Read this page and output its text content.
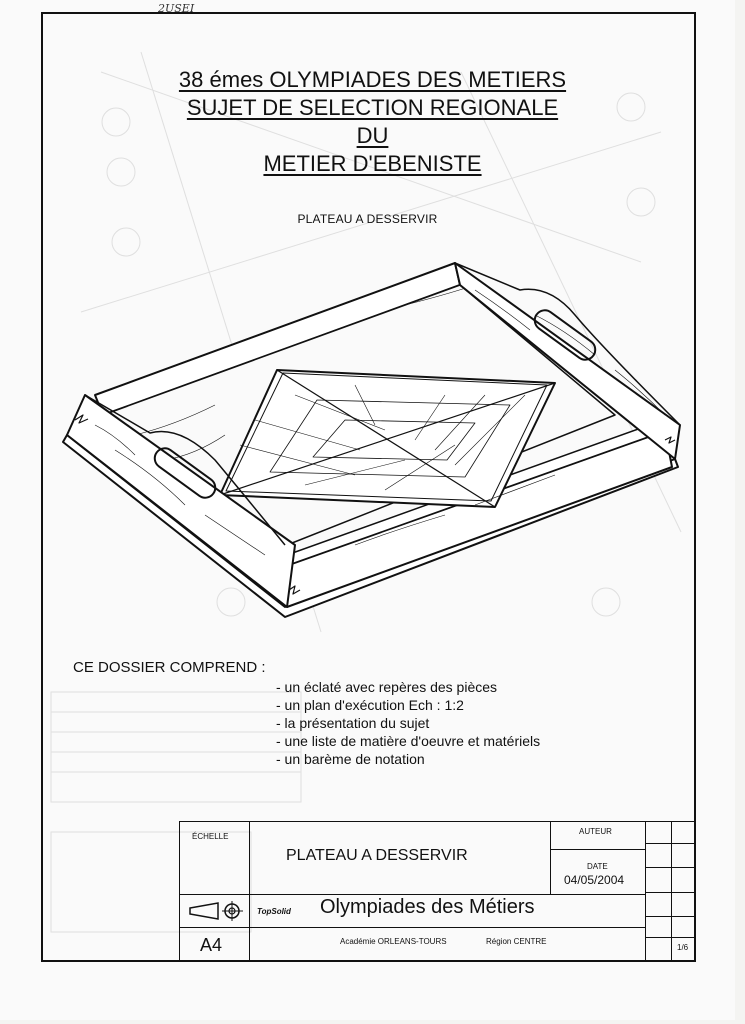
2USEI
38 émes OLYMPIADES DES METIERS
SUJET DE SELECTION REGIONALE
DU
METIER D'EBENISTE
PLATEAU A DESSERVIR
CE DOSSIER COMPREND :
- un éclaté avec repères des pièces
- un plan d'exécution Ech : 1:2
- la présentation du sujet
- une liste de matière d'oeuvre et matériels
- un barème de notation
ÉCHELLE
PLATEAU A DESSERVIR
AUTEUR
DATE
04/05/2004
TopSolid Olympiades des Métiers
A4	Académie ORLEANS-TOURS	Région CENTRE
1/6
